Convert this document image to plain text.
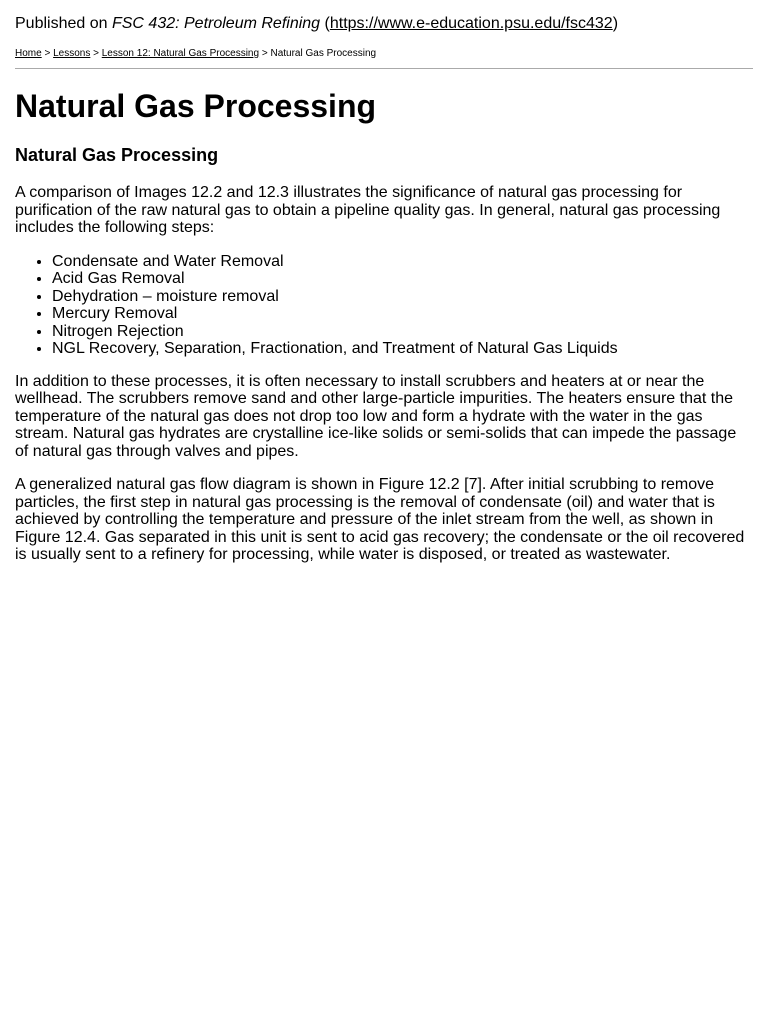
Published on FSC 432: Petroleum Refining (https://www.e-education.psu.edu/fsc432)

Home > Lessons > Lesson 12: Natural Gas Processing > Natural Gas Processing
Natural Gas Processing
Natural Gas Processing

A comparison of Images 12.2 and 12.3 illustrates the significance of natural gas processing for purification of the raw natural gas to obtain a pipeline quality gas. In general, natural gas processing includes the following steps:

• Condensate and Water Removal
• Acid Gas Removal
• Dehydration – moisture removal
• Mercury Removal
• Nitrogen Rejection
• NGL Recovery, Separation, Fractionation, and Treatment of Natural Gas Liquids

In addition to these processes, it is often necessary to install scrubbers and heaters at or near the wellhead. The scrubbers remove sand and other large-particle impurities. The heaters ensure that the temperature of the natural gas does not drop too low and form a hydrate with the water in the gas stream. Natural gas hydrates are crystalline ice-like solids or semi-solids that can impede the passage of natural gas through valves and pipes.

A generalized natural gas flow diagram is shown in Figure 12.2 [7]. After initial scrubbing to remove particles, the first step in natural gas processing is the removal of condensate (oil) and water that is achieved by controlling the temperature and pressure of the inlet stream from the well, as shown in Figure 12.4. Gas separated in this unit is sent to acid gas recovery; the condensate or the oil recovered is usually sent to a refinery for processing, while water is disposed, or treated as wastewater.
